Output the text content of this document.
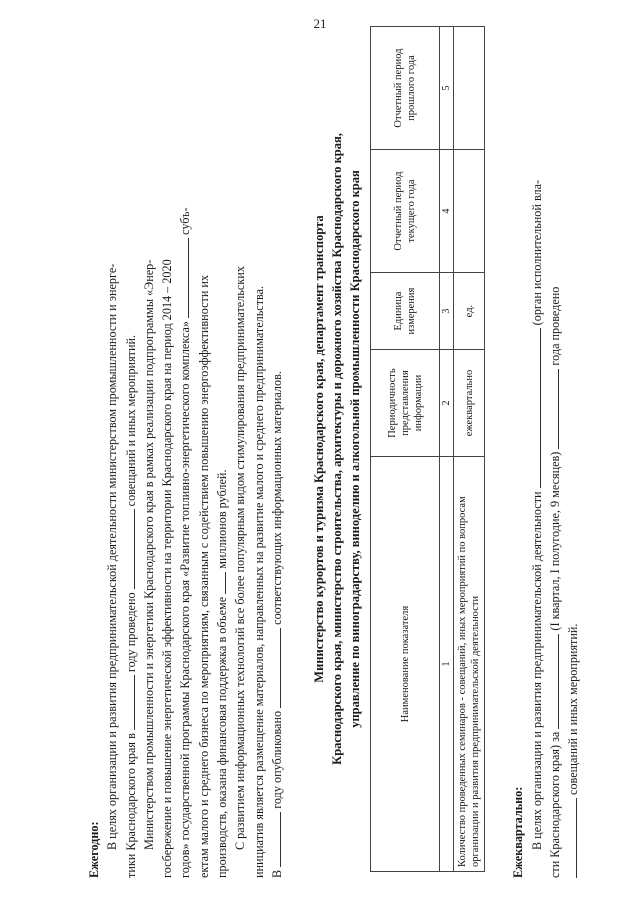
21

Ежегодно: В целях организации и развития предпринимательской деятельности министерством промышленности и энерге- тики Краснодарского края в  году проведено  совещаний и иных мероприятий. Министерством промышленности и энергетики Краснодарского края в рамках реализации подпрограммы «Энер- госбережение и повышение энергетической эффективности на территории Краснодарского края на период 2014 – 2020 годов» государственной программы Краснодарского края «Развитие топливно-энергетического комплекса»  субъ-

ектам малого и среднего бизнеса по мероприятиям, связанным с содействием повышению энергоэффективности их производств, оказана финансовая поддержка в объеме  миллионов рублей. С развитием информационных технологий все более популярным видом стимулирования предпринимательских инициатив является размещение материалов, направленных на развитие малого и среднего предпринимательства. В  году опубликовано  соответствующих информационных материалов. Министерство курортов и туризма Краснодарского края, департамент транспорта Краснодарского края, министерство строительства, архитектуры и дорожного хозяйства Краснодарского края, управление по виноградарству, виноделию и алкогольной промышленности Краснодарского края	Наименование показателя	Периодичность представления информации	Единица измерения	Отчетный период текущего года	Отчетный период прошлого года
1	2	3	4	5
Количество проведенных семинаров - совещаний, иных мероприятий по вопросам организации и развития предпринимательской деятельности	ежеквартально	ед.		

Ежеквартально: В целях организации и развития предпринимательской деятельности  (орган исполнительной вла-

сти Краснодарского края) за  (I квартал, I полугодие, 9 месяцев)  года проведено

совещаний и иных мероприятий.
